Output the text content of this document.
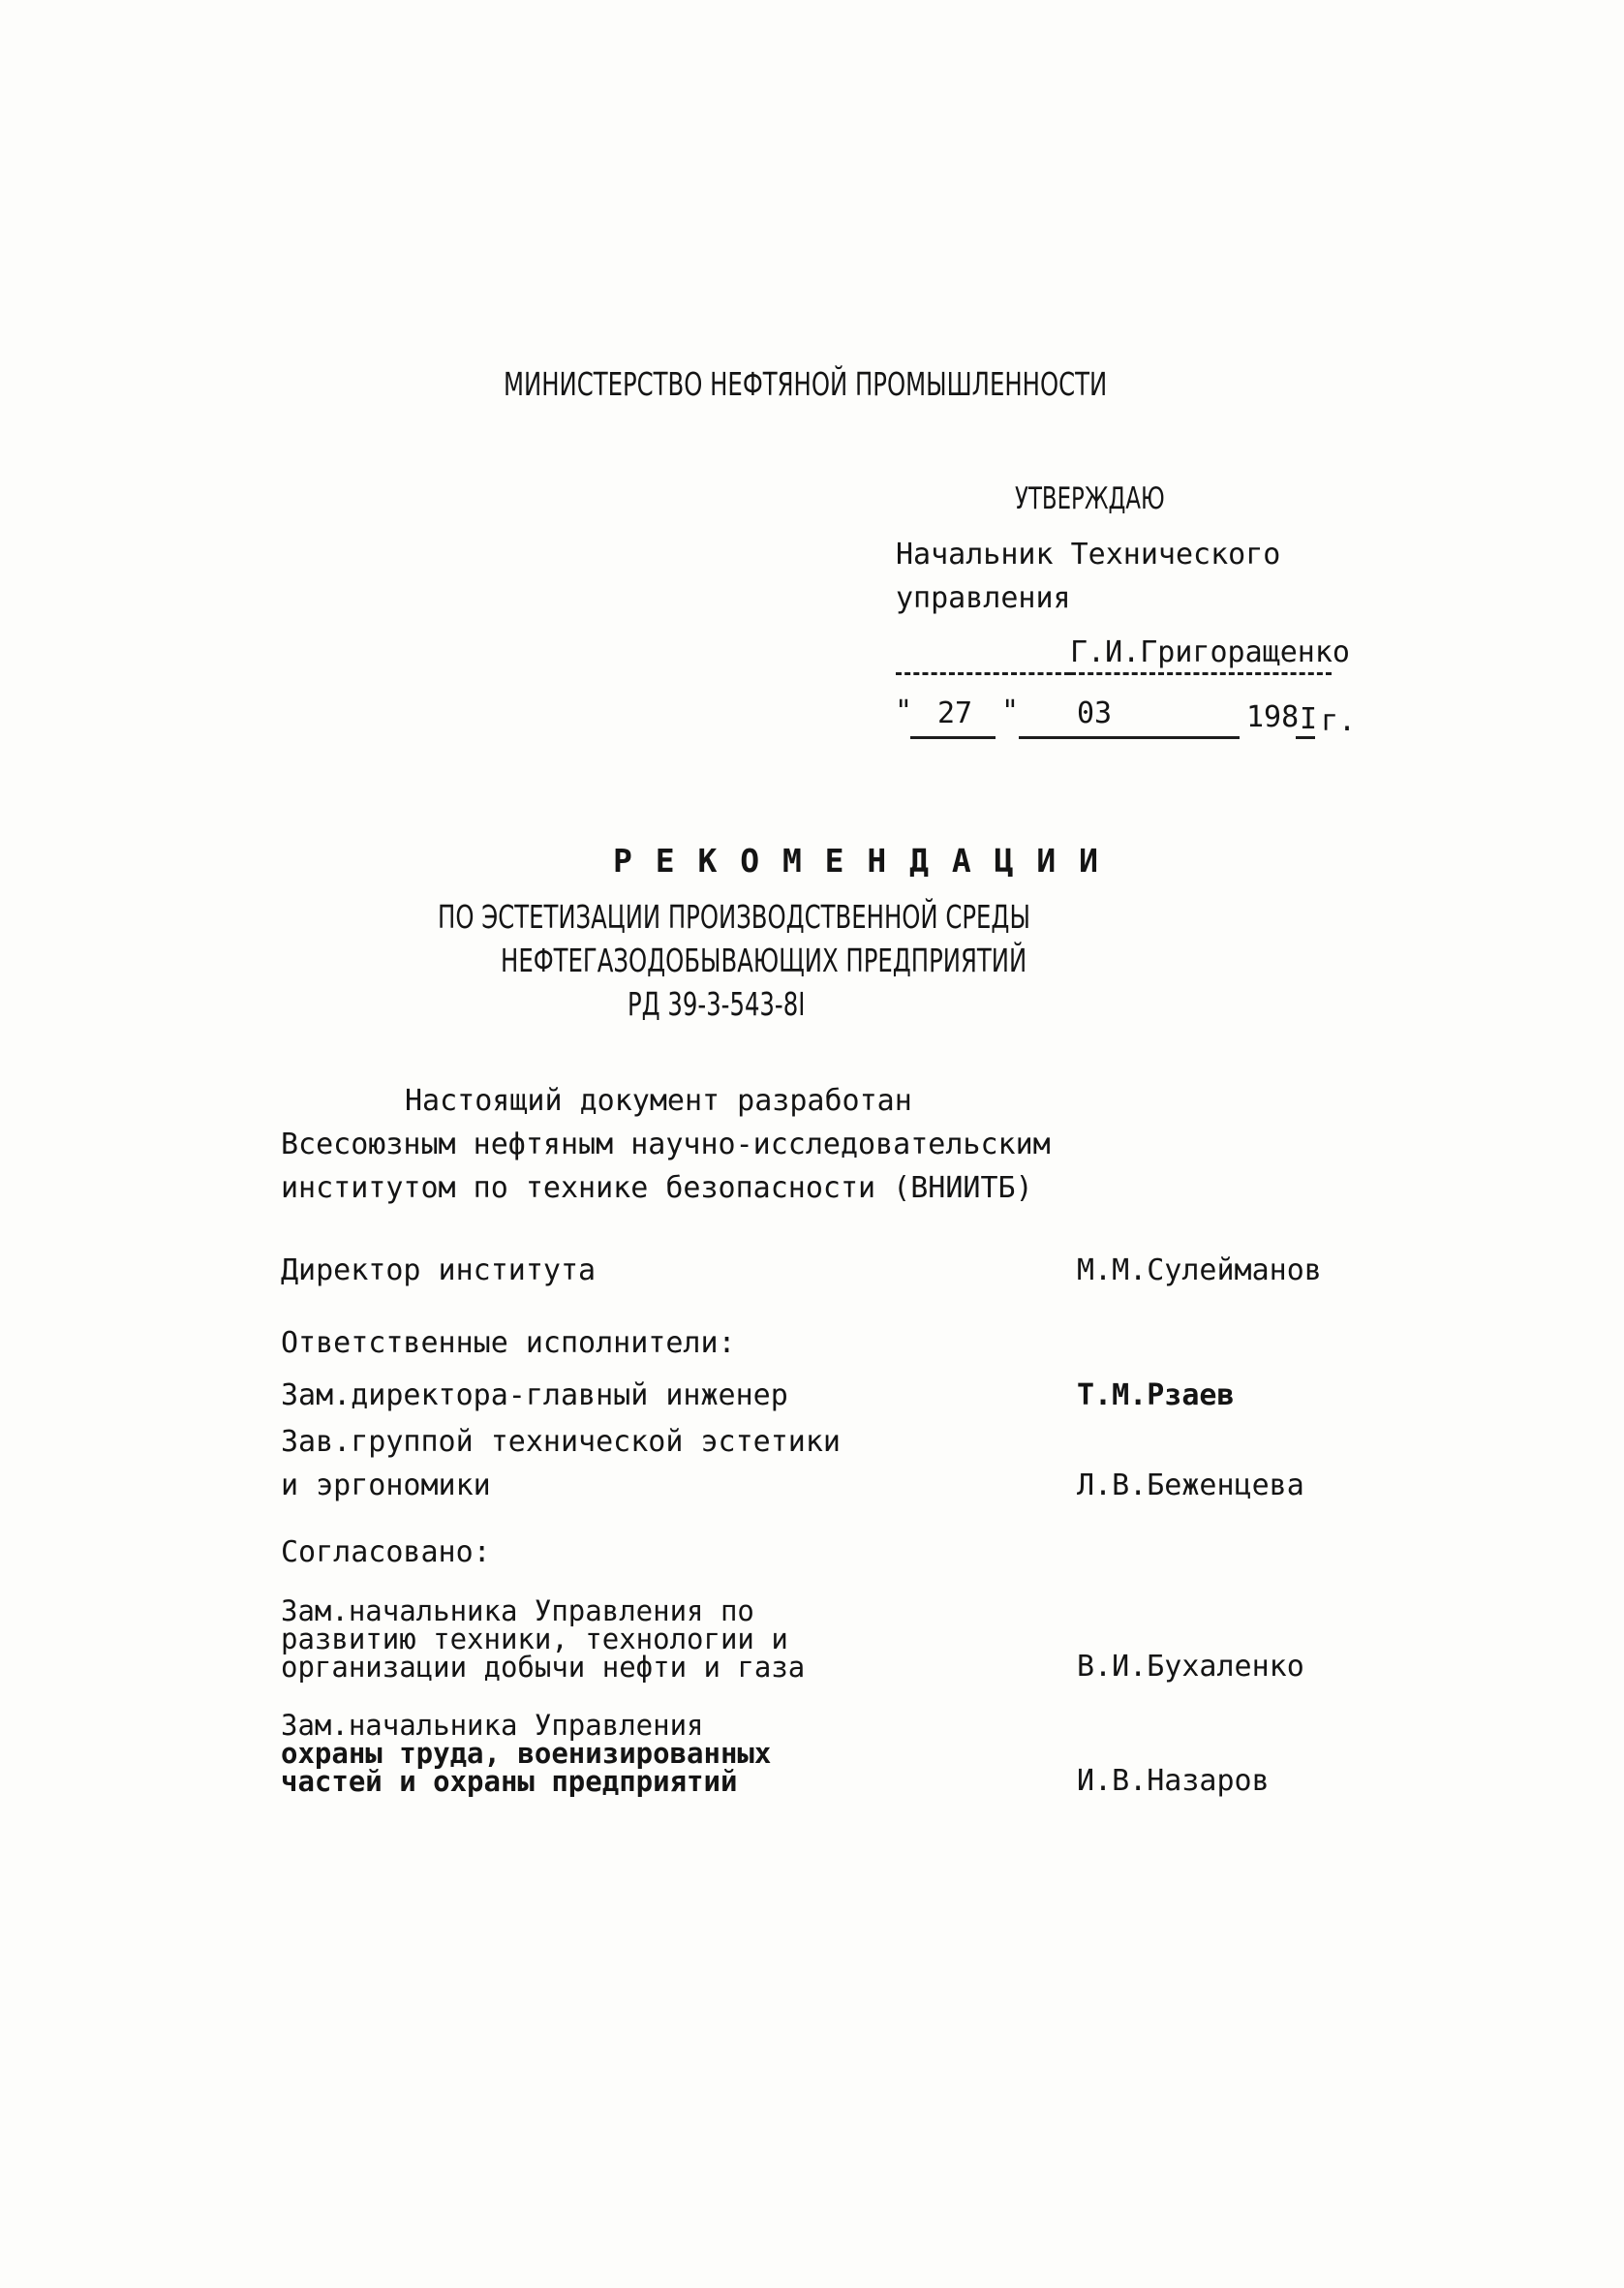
МИНИСТЕРСТВО НЕФТЯНОЙ ПРОМЫШЛЕННОСТИ
УТВЕРЖДАЮ
Начальник Технического
управления
Г.И.Григоращенко
" 27 " 03	198 I г.
Р Е К О М Е Н Д А Ц И И
ПО ЭСТЕТИЗАЦИИ ПРОИЗВОДСТВЕННОЙ СРЕДЫ
НЕФТЕГАЗОДОБЫВАЮЩИХ ПРЕДПРИЯТИЙ
РД 39-3-543-8I
Настоящий документ разработан
Всесоюзным нефтяным научно-исследовательским
институтом по технике безопасности (ВНИИТБ)
Директор института	М.М.Сулейманов
Ответственные исполнители:
Зам.директора-главный инженер	Т.М.Рзаев
Зав.группой технической эстетики
и эргономики	Л.В.Беженцева
Согласовано:
Зам.начальника Управления по
развитию техники, технологии и
организации добычи нефти и газа	В.И.Бухаленко
Зам.начальника Управления
охраны труда, военизированных
частей и охраны предприятий	И.В.Назаров
